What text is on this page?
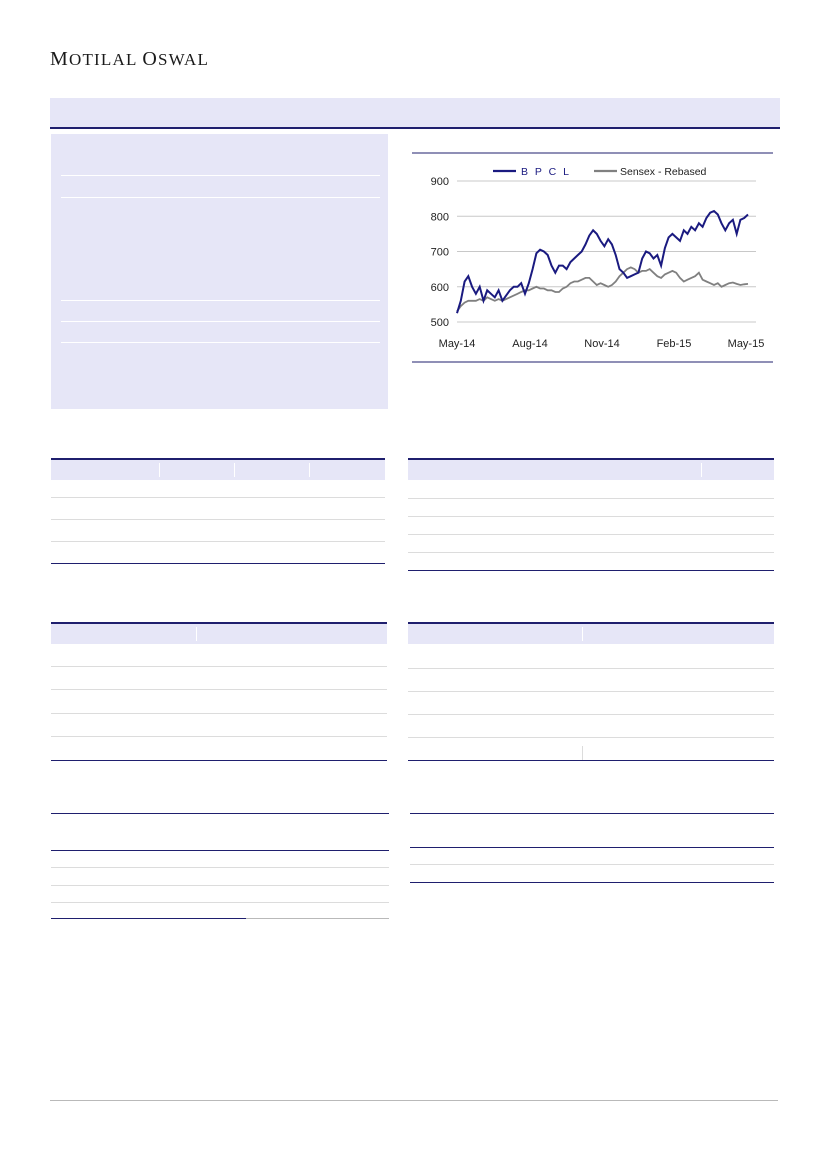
MOTILAL OSWAL
900
800
700
600
500
May-14	Aug-14	Nov-14	Feb-15	May-15
B P C L	Sensex - Rebased
